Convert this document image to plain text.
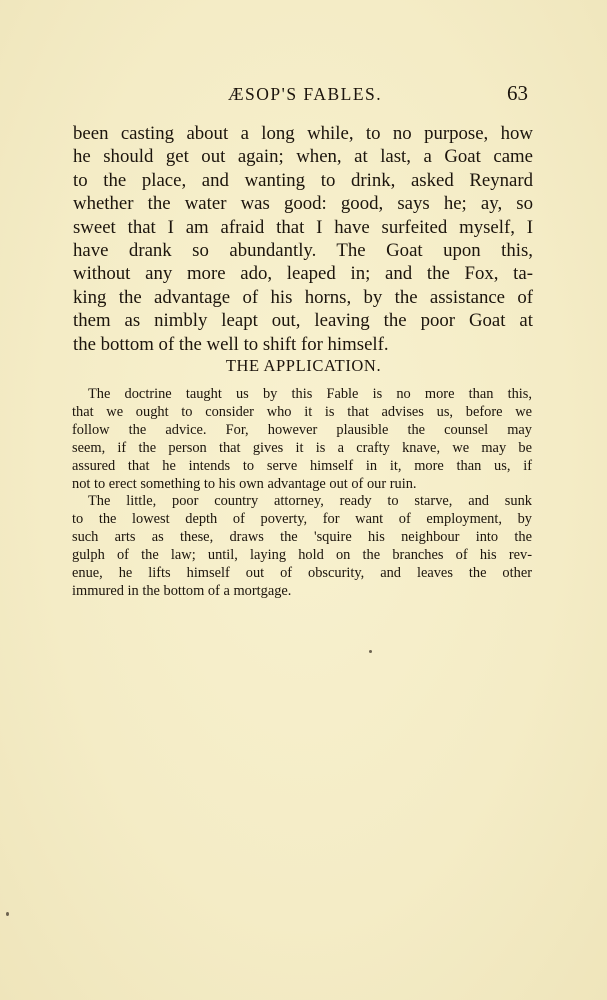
ÆSOP'S FABLES.	63
been casting about a long while, to no purpose, how
he should get out again; when, at last, a Goat came
to the place, and wanting to drink, asked Reynard
whether the water was good: good, says he; ay, so
sweet that I am afraid that I have surfeited myself, I
have drank so abundantly. The Goat upon this,
without any more ado, leaped in; and the Fox, ta-
king the advantage of his horns, by the assistance of
them as nimbly leapt out, leaving the poor Goat at
the bottom of the well to shift for himself.
THE APPLICATION.
The doctrine taught us by this Fable is no more than this,
that we ought to consider who it is that advises us, before we
follow the advice. For, however plausible the counsel may
seem, if the person that gives it is a crafty knave, we may be
assured that he intends to serve himself in it, more than us, if
not to erect something to his own advantage out of our ruin.
The little, poor country attorney, ready to starve, and sunk
to the lowest depth of poverty, for want of employment, by
such arts as these, draws the 'squire his neighbour into the
gulph of the law; until, laying hold on the branches of his rev-
enue, he lifts himself out of obscurity, and leaves the other
immured in the bottom of a mortgage.
